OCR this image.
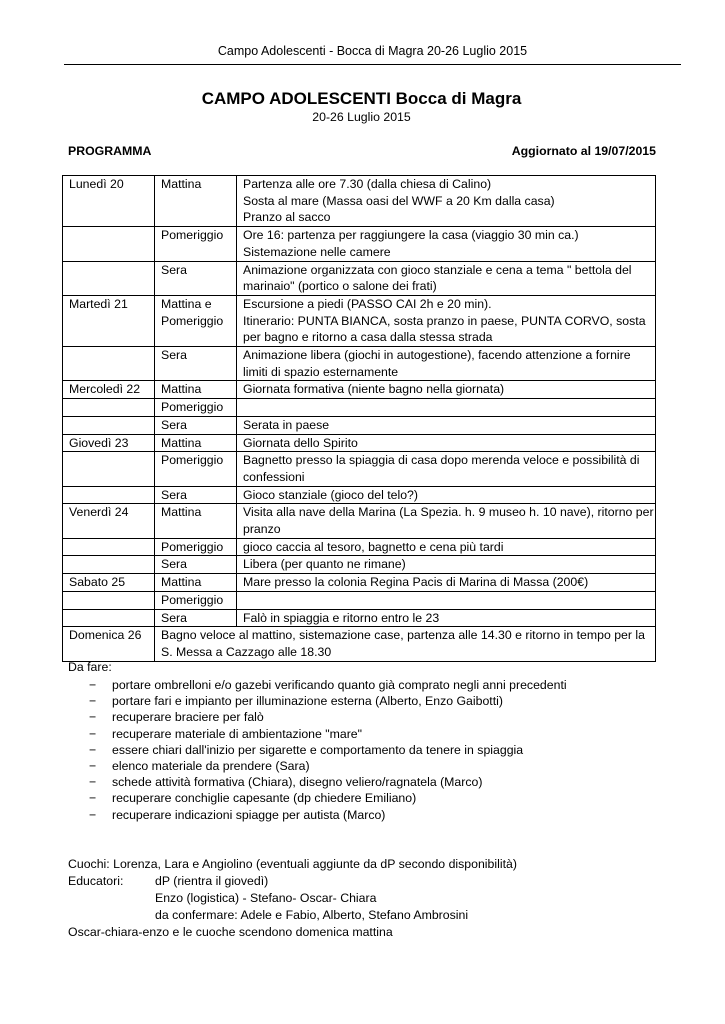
Campo Adolescenti - Bocca di Magra 20-26 Luglio 2015
CAMPO ADOLESCENTI Bocca di Magra
20-26 Luglio 2015
PROGRAMMA	Aggiornato al 19/07/2015
Lunedì 20	Mattina	Partenza alle ore 7.30 (dalla chiesa di Calino)
Sosta al mare (Massa oasi del WWF a 20 Km dalla casa)
Pranzo al sacco

	Pomeriggio	Ore 16: partenza per raggiungere la casa (viaggio 30 min ca.)
Sistemazione nelle camere

	Sera	Animazione organizzata con gioco stanziale e cena a tema " bettola del
marinaio" (portico o salone dei frati)

Martedì 21	Mattina e
Pomeriggio	Escursione a piedi (PASSO CAI 2h e 20 min).
Itinerario: PUNTA BIANCA, sosta pranzo in paese, PUNTA CORVO, sosta
per bagno e ritorno a casa dalla stessa strada

	Sera	Animazione libera (giochi in autogestione), facendo attenzione a fornire
limiti di spazio esternamente

Mercoledì 22	Mattina	Giornata formativa (niente bagno nella giornata)

	Pomeriggio	

	Sera	Serata in paese

Giovedì 23	Mattina	Giornata dello Spirito

	Pomeriggio	Bagnetto presso la spiaggia di casa dopo merenda veloce e possibilità di
confessioni

	Sera	Gioco stanziale (gioco del telo?)

Venerdì 24	Mattina	Visita alla nave della Marina (La Spezia. h. 9 museo h. 10 nave), ritorno per
pranzo

	Pomeriggio	gioco caccia al tesoro, bagnetto e cena più tardi

	Sera	Libera (per quanto ne rimane)

Sabato 25	Mattina	Mare presso la colonia Regina Pacis di Marina di Massa (200€)

	Pomeriggio	

	Sera	Falò in spiaggia e ritorno entro le 23

Domenica 26	Bagno veloce al mattino, sistemazione case, partenza alle 14.30 e ritorno in tempo per la
S. Messa a Cazzago alle 18.30	
Da fare:
− portare ombrelloni e/o gazebi verificando quanto già comprato negli anni precedenti
− portare fari e impianto per illuminazione esterna (Alberto, Enzo Gaibotti)
− recuperare braciere per falò
− recuperare materiale di ambientazione "mare"
− essere chiari dall'inizio per sigarette e comportamento da tenere in spiaggia
− elenco materiale da prendere (Sara)
− schede attività formativa (Chiara), disegno veliero/ragnatela (Marco)
− recuperare conchiglie capesante (dp chiedere Emiliano)
− recuperare indicazioni spiagge per autista (Marco)
Cuochi: Lorenza, Lara e Angiolino (eventuali aggiunte da dP secondo disponibilità)
Educatori:	dP (rientra il giovedì)
Enzo (logistica) - Stefano- Oscar- Chiara
da confermare: Adele e Fabio, Alberto, Stefano Ambrosini
Oscar-chiara-enzo e le cuoche scendono domenica mattina
